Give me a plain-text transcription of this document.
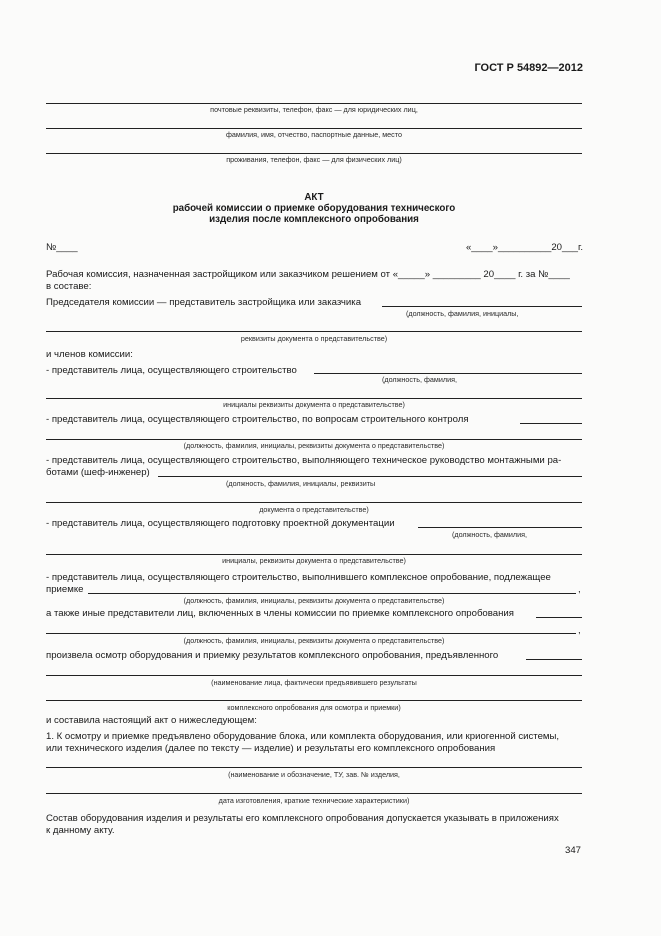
ГОСТ Р 54892—2012
почтовые реквизиты, телефон, факс — для юридических лиц,
фамилия, имя, отчество, паспортные данные, место
проживания, телефон, факс — для физических лиц)
АКТ
рабочей комиссии о приемке оборудования технического
изделия после комплексного опробования
№____	«____»__________20___г.
Рабочая комиссия, назначенная застройщиком или заказчиком решением от «_____» _________ 20____ г. за №____
в составе:
Председателя комиссии — представитель застройщика или заказчика
(должность, фамилия, инициалы,
реквизиты документа о представительстве)
и членов комиссии:
- представитель лица, осуществляющего строительство
(должность, фамилия,
инициалы реквизиты документа о представительстве)
- представитель лица, осуществляющего строительство, по вопросам строительного контроля
(должность, фамилия, инициалы, реквизиты документа о представительстве)
- представитель лица, осуществляющего строительство, выполняющего техническое руководство монтажными ра-
ботами (шеф-инженер)
(должность, фамилия, инициалы, реквизиты
документа о представительстве)
- представитель лица, осуществляющего подготовку проектной документации
(должность, фамилия,
инициалы, реквизиты документа о представительстве)
- представитель лица, осуществляющего строительство, выполнившего комплексное опробование, подлежащее
приемке	,
(должность, фамилия, инициалы, реквизиты документа о представительстве)
а также иные представители лиц, включенных в члены комиссии по приемке комплексного опробования
,
(должность, фамилия, инициалы, реквизиты документа о представительстве)
произвела осмотр оборудования и приемку результатов комплексного опробования, предъявленного
(наименование лица, фактически предъявившего результаты
комплексного опробования для осмотра и приемки)
и составила настоящий акт о нижеследующем:
1. К осмотру и приемке предъявлено оборудование блока, или комплекта оборудования, или криогенной системы,
или технического изделия (далее по тексту — изделие) и результаты его комплексного опробования
(наименование и обозначение, ТУ, зав. № изделия,
дата изготовления, краткие технические характеристики)
Состав оборудования изделия и результаты его комплексного опробования допускается указывать в приложениях
к данному акту.
347
